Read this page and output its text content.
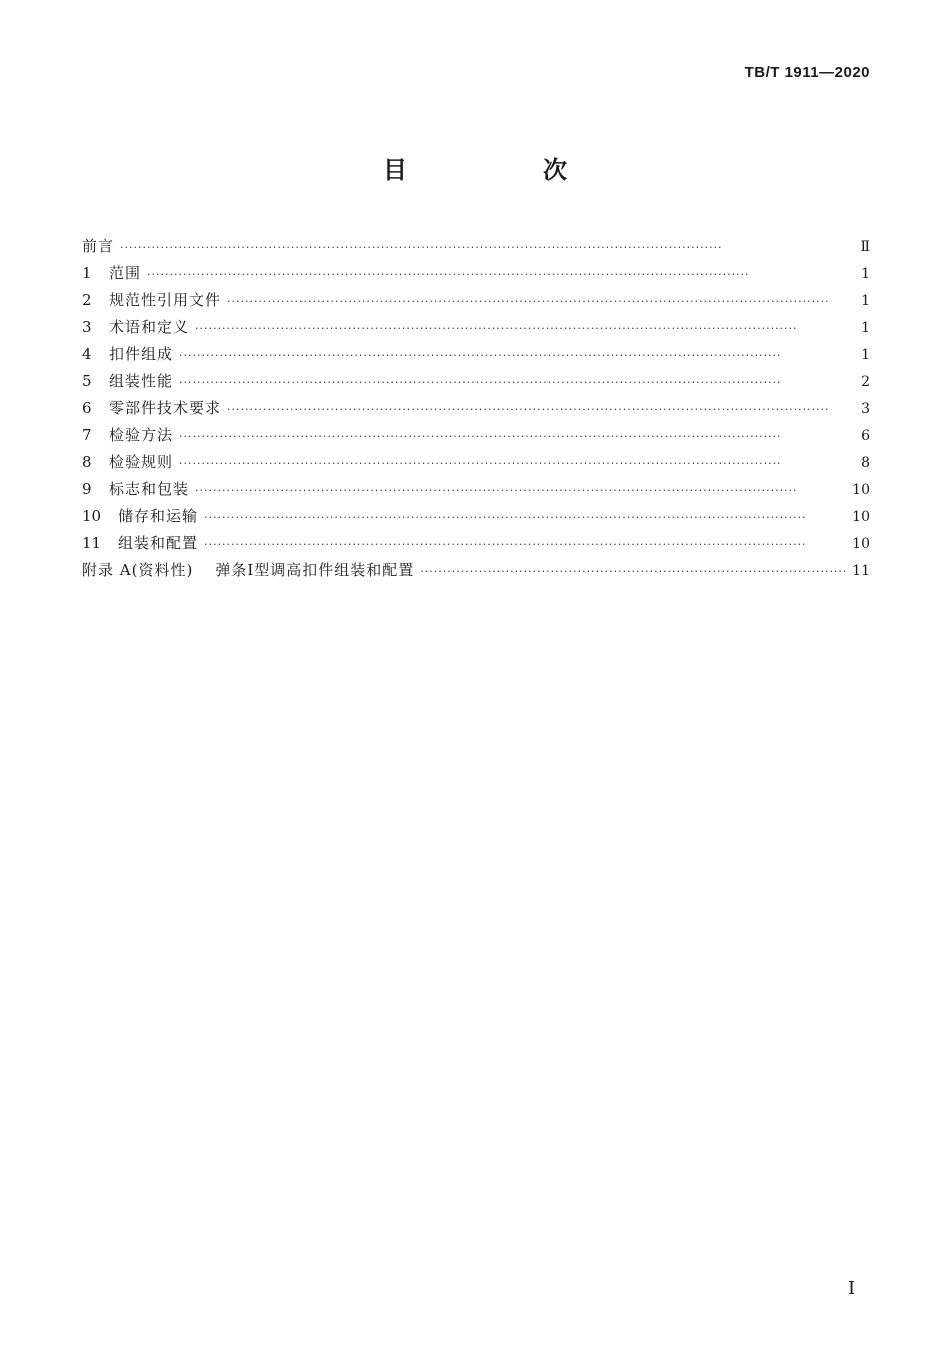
TB/T 1911—2020
目　次
前言 ·····	Ⅱ
1	范围 ·····	1
2	规范性引用文件 ·····	1
3	术语和定义 ·····	1
4	扣件组成 ·····	1
5	组装性能 ·····	2
6	零部件技术要求 ·····	3
7	检验方法 ·····	6
8	检验规则 ·····	8
9	标志和包装 ·····	10
10	储存和运输 ·····	10
11	组装和配置 ·····	10
附录 A(资料性) 弹条Ⅰ型调高扣件组装和配置 ·····	11
I
